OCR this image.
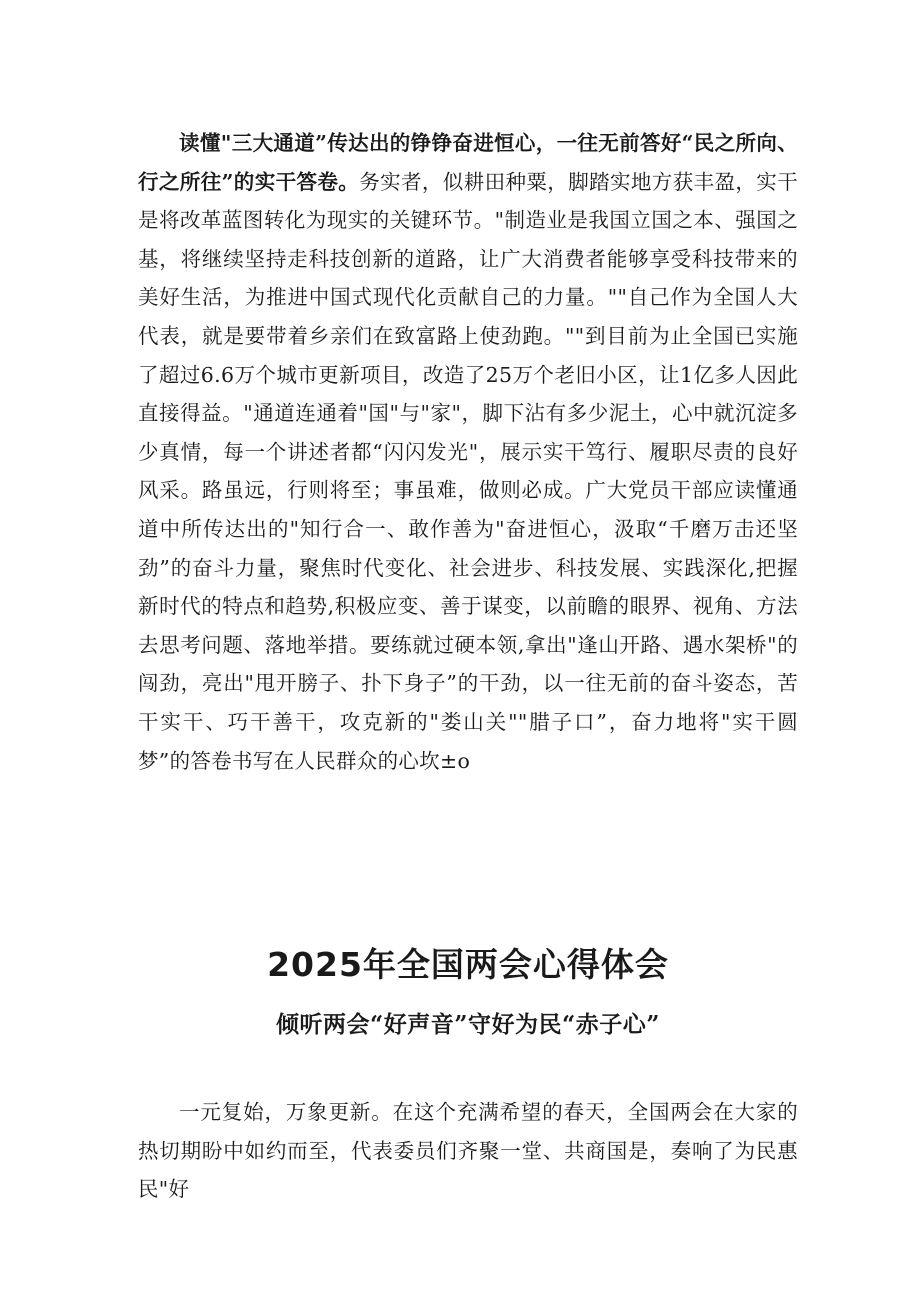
读懂"三大通道”传达出的铮铮奋进恒心，一往无前答好“民之所向、行之所往”的实干答卷。务实者，似耕田种粟，脚踏实地方获丰盈，实干是将改革蓝图转化为现实的关键环节。"制造业是我国立国之本、强国之基，将继续坚持走科技创新的道路，让广大消费者能够享受科技带来的美好生活，为推进中国式现代化贡献自己的力量。""自己作为全国人大代表，就是要带着乡亲们在致富路上使劲跑。""到目前为止全国已实施了超过6.6万个城市更新项目，改造了25万个老旧小区，让1亿多人因此直接得益。"通道连通着"国"与"家"，脚下沾有多少泥土，心中就沉淀多少真情，每一个讲述者都“闪闪发光"，展示实干笃行、履职尽责的良好风采。路虽远，行则将至；事虽难，做则必成。广大党员干部应读懂通道中所传达出的"知行合一、敢作善为"奋进恒心，汲取“千磨万击还坚劲”的奋斗力量，聚焦时代变化、社会进步、科技发展、实践深化,把握新时代的特点和趋势,积极应变、善于谋变，以前瞻的眼界、视角、方法去思考问题、落地举措。要练就过硬本领,拿出"逢山开路、遇水架桥"的闯劲，亮出"甩开膀子、扑下身子”的干劲，以一往无前的奋斗姿态，苦干实干、巧干善干，攻克新的"娄山关""腊子口”，奋力地将"实干圆梦”的答卷书写在人民群众的心坎±o

2025年全国两会心得体会
倾听两会“好声音”守好为民“赤子心”

一元复始，万象更新。在这个充满希望的春天，全国两会在大家的热切期盼中如约而至，代表委员们齐聚一堂、共商国是，奏响了为民惠民"好
